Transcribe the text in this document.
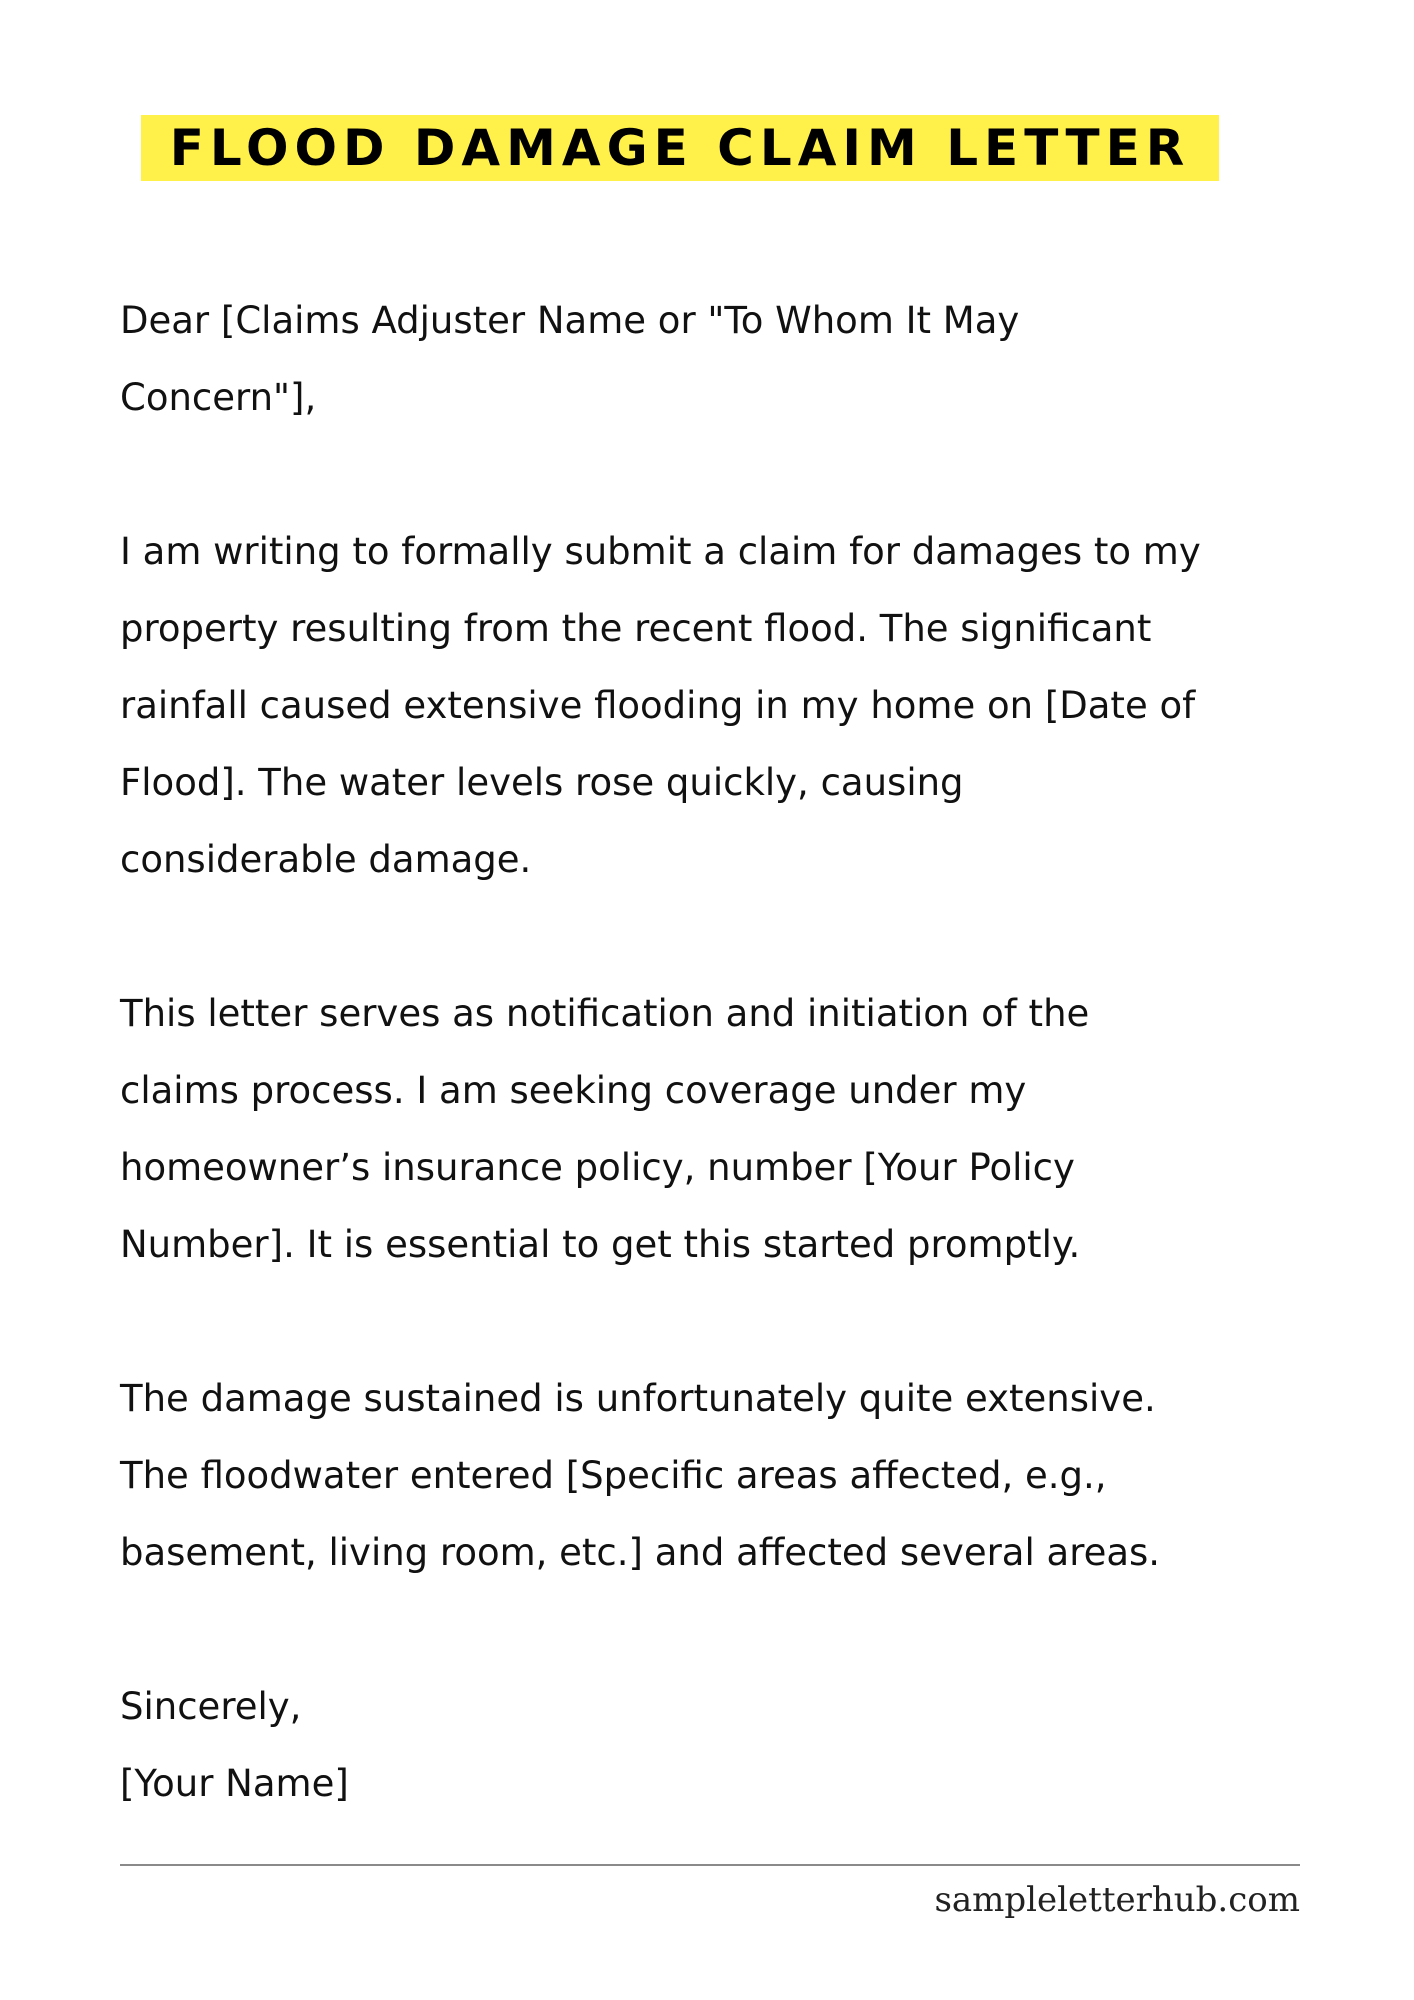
FLOOD DAMAGE CLAIM LETTER

Dear [Claims Adjuster Name or "To Whom It May
Concern"],

I am writing to formally submit a claim for damages to my
property resulting from the recent flood. The significant
rainfall caused extensive flooding in my home on [Date of
Flood]. The water levels rose quickly, causing
considerable damage.

This letter serves as notification and initiation of the
claims process. I am seeking coverage under my
homeowner’s insurance policy, number [Your Policy
Number]. It is essential to get this started promptly.

The damage sustained is unfortunately quite extensive.
The floodwater entered [Specific areas affected, e.g.,
basement, living room, etc.] and affected several areas.

Sincerely,
[Your Name]

sampleletterhub.com
